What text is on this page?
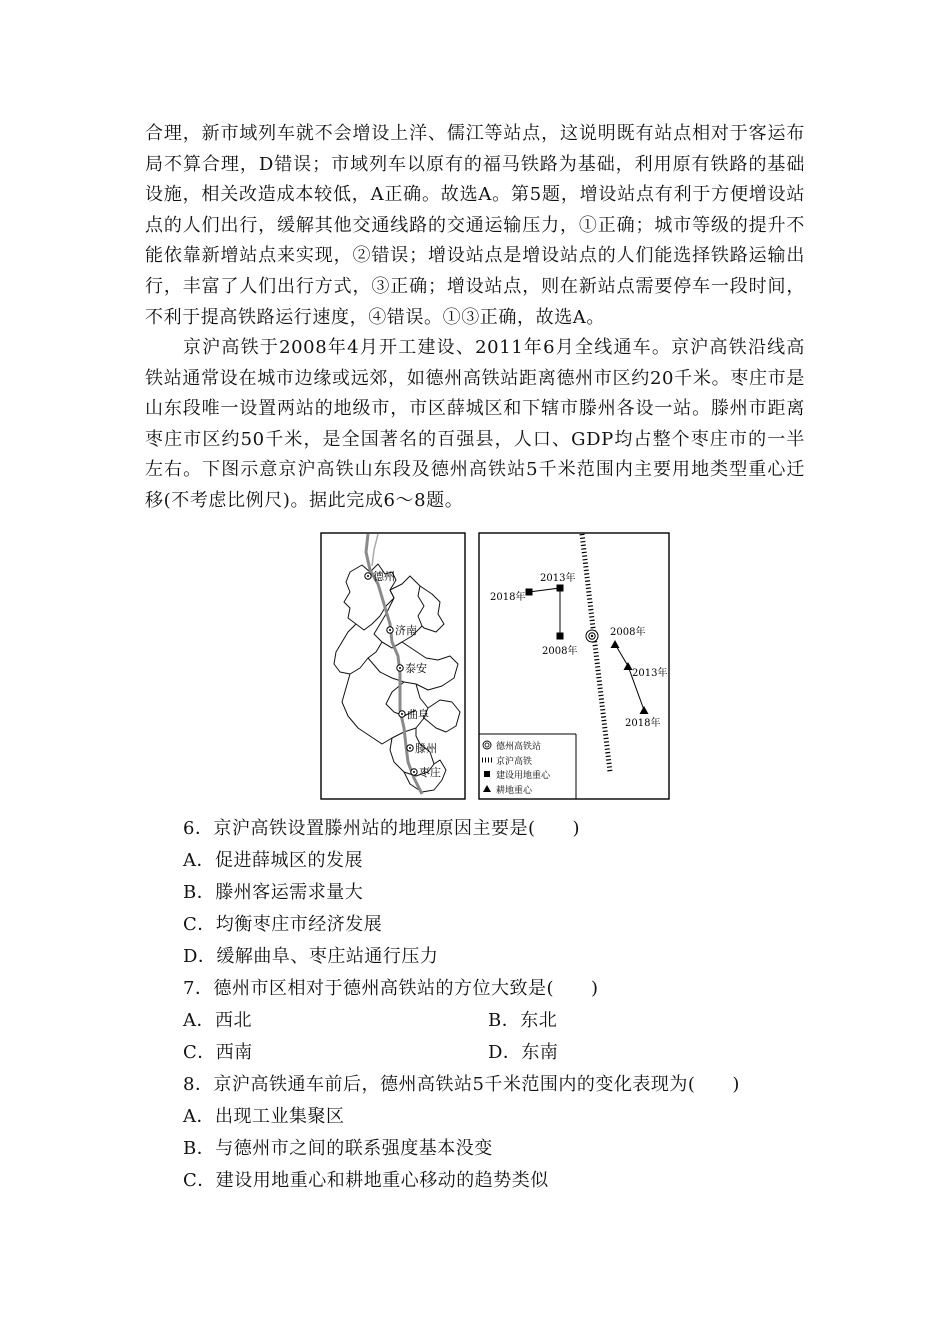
合理，新市域列车就不会增设上洋、儒江等站点，这说明既有站点相对于客运布局不算合理，D错误；市域列车以原有的福马铁路为基础，利用原有铁路的基础设施，相关改造成本较低，A正确。故选A。第5题，增设站点有利于方便增设站点的人们出行，缓解其他交通线路的交通运输压力，①正确；城市等级的提升不能依靠新增站点来实现，②错误；增设站点是增设站点的人们能选择铁路运输出行，丰富了人们出行方式，③正确；增设站点，则在新站点需要停车一段时间，不利于提高铁路运行速度，④错误。①③正确，故选A。

京沪高铁于2008年4月开工建设、2011年6月全线通车。京沪高铁沿线高铁站通常设在城市边缘或远郊，如德州高铁站距离德州市区约20千米。枣庄市是山东段唯一设置两站的地级市，市区薛城区和下辖市滕州各设一站。滕州市距离枣庄市区约50千米，是全国著名的百强县，人口、GDP均占整个枣庄市的一半左右。下图示意京沪高铁山东段及德州高铁站5千米范围内主要用地类型重心迁移(不考虑比例尺)。据此完成6～8题。

德州
济南
泰安
曲阜
滕州
枣庄
2018年
2013年
2008年
2008年
2013年
2018年
德州高铁站
京沪高铁
建设用地重心
耕地重心
6．京沪高铁设置滕州站的地理原因主要是(　　)
A．促进薛城区的发展
B．滕州客运需求量大
C．均衡枣庄市经济发展
D．缓解曲阜、枣庄站通行压力
7．德州市区相对于德州高铁站的方位大致是(　　)
A．西北	B．东北
C．西南	D．东南
8．京沪高铁通车前后，德州高铁站5千米范围内的变化表现为(　　)
A．出现工业集聚区
B．与德州市之间的联系强度基本没变
C．建设用地重心和耕地重心移动的趋势类似
